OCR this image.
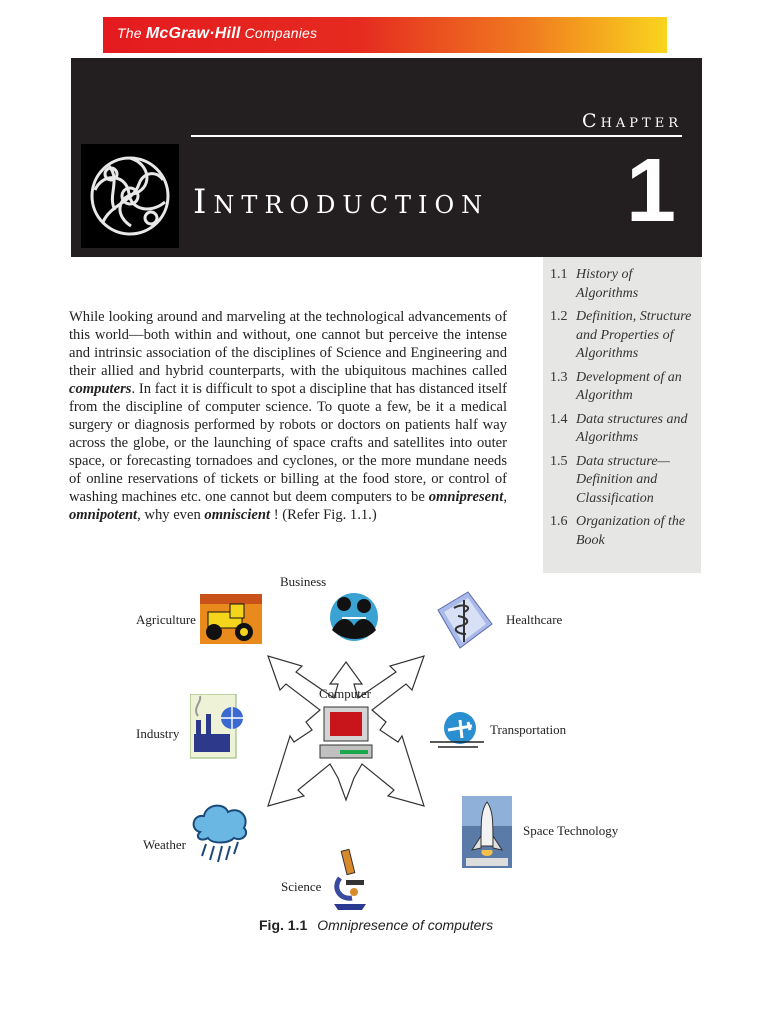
The McGraw·Hill Companies
Chapter
Introduction 1
1.1 History of Algorithms
1.2 Definition, Structure and Properties of Algorithms
1.3 Development of an Algorithm
1.4 Data structures and Algorithms
1.5 Data structure—Definition and Classification
1.6 Organization of the Book
While looking around and marveling at the technological advancements of this world—both within and without, one cannot but perceive the intense and intrinsic association of the disciplines of Science and Engineering and their allied and hybrid counterparts, with the ubiquitous machines called computers. In fact it is difficult to spot a discipline that has distanced itself from the discipline of computer science. To quote a few, be it a medical surgery or diagnosis performed by robots or doctors on patients half way across the globe, or the launching of space crafts and satellites into outer space, or forecasting tornadoes and cyclones, or the more mundane needs of online reservations of tickets or billing at the food store, or control of washing machines etc. one cannot but deem computers to be omnipresent, omnipotent, why even omniscient ! (Refer Fig. 1.1.)
Computer
Business
Agriculture	Healthcare
Industry	Transportation
Weather
Space Technology
Science
Fig. 1.1 Omnipresence of computers
